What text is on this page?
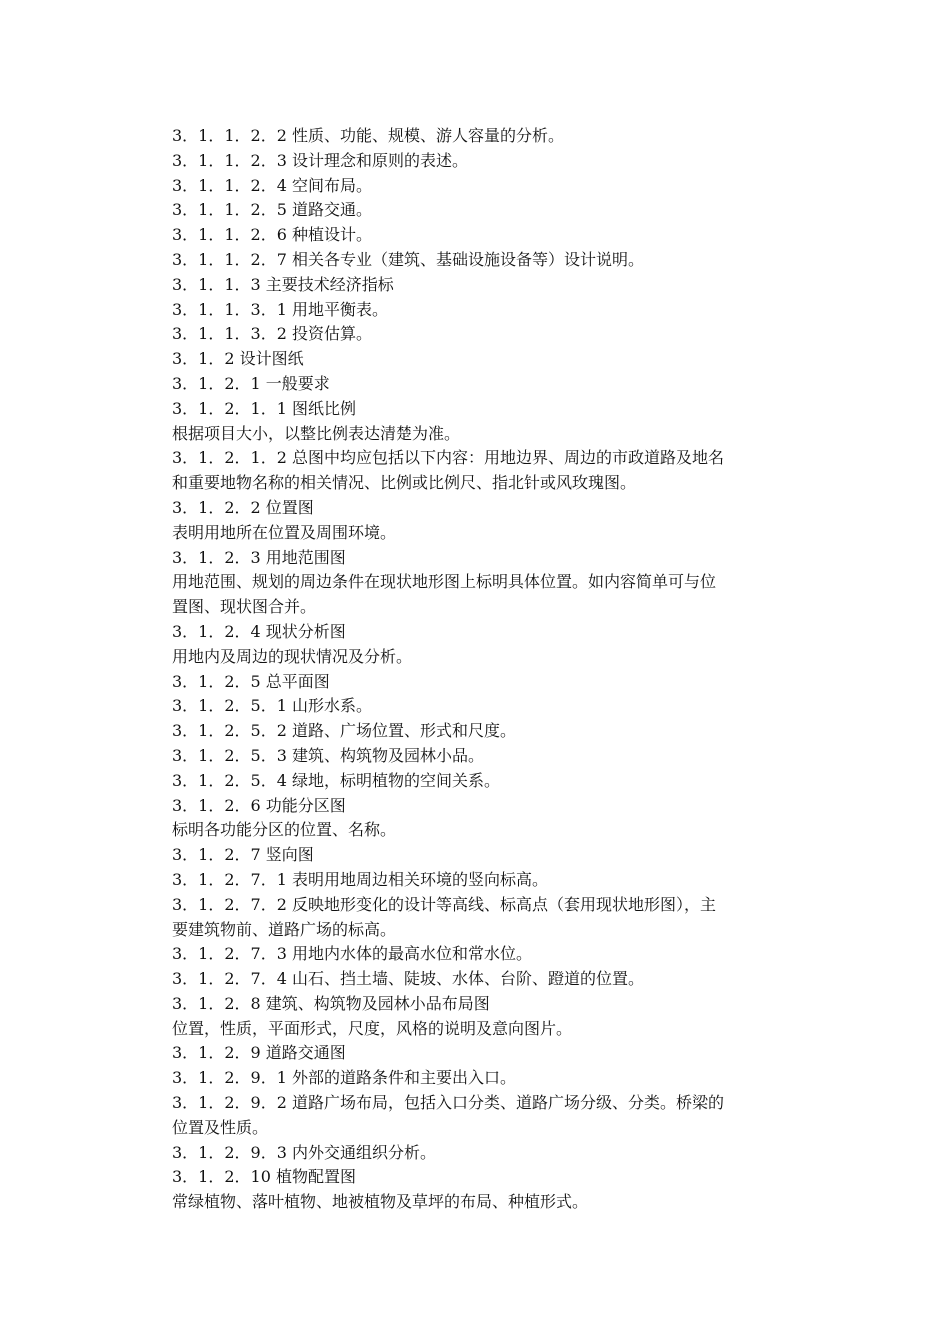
3．1．1．2．2 性质、功能、规模、游人容量的分析。
3．1．1．2．3 设计理念和原则的表述。
3．1．1．2．4 空间布局。
3．1．1．2．5 道路交通。
3．1．1．2．6 种植设计。
3．1．1．2．7 相关各专业（建筑、基础设施设备等）设计说明。
3．1．1．3 主要技术经济指标
3．1．1．3．1 用地平衡表。
3．1．1．3．2 投资估算。
3．1．2 设计图纸
3．1．2．1 一般要求
3．1．2．1．1 图纸比例
根据项目大小，以整比例表达清楚为准。
3．1．2．1．2 总图中均应包括以下内容：用地边界、周边的市政道路及地名
和重要地物名称的相关情况、比例或比例尺、指北针或风玫瑰图。
3．1．2．2 位置图
表明用地所在位置及周围环境。
3．1．2．3 用地范围图
用地范围、规划的周边条件在现状地形图上标明具体位置。如内容简单可与位
置图、现状图合并。
3．1．2．4 现状分析图
用地内及周边的现状情况及分析。
3．1．2．5 总平面图
3．1．2．5．1 山形水系。
3．1．2．5．2 道路、广场位置、形式和尺度。
3．1．2．5．3 建筑、构筑物及园林小品。
3．1．2．5．4 绿地，标明植物的空间关系。
3．1．2．6 功能分区图
标明各功能分区的位置、名称。
3．1．2．7 竖向图
3．1．2．7．1 表明用地周边相关环境的竖向标高。
3．1．2．7．2 反映地形变化的设计等高线、标高点（套用现状地形图），主
要建筑物前、道路广场的标高。
3．1．2．7．3 用地内水体的最高水位和常水位。
3．1．2．7．4 山石、挡土墙、陡坡、水体、台阶、蹬道的位置。
3．1．2．8 建筑、构筑物及园林小品布局图
位置，性质，平面形式，尺度，风格的说明及意向图片。
3．1．2．9 道路交通图
3．1．2．9．1 外部的道路条件和主要出入口。
3．1．2．9．2 道路广场布局，包括入口分类、道路广场分级、分类。桥梁的
位置及性质。
3．1．2．9．3 内外交通组织分析。
3．1．2．10 植物配置图
常绿植物、落叶植物、地被植物及草坪的布局、种植形式。
